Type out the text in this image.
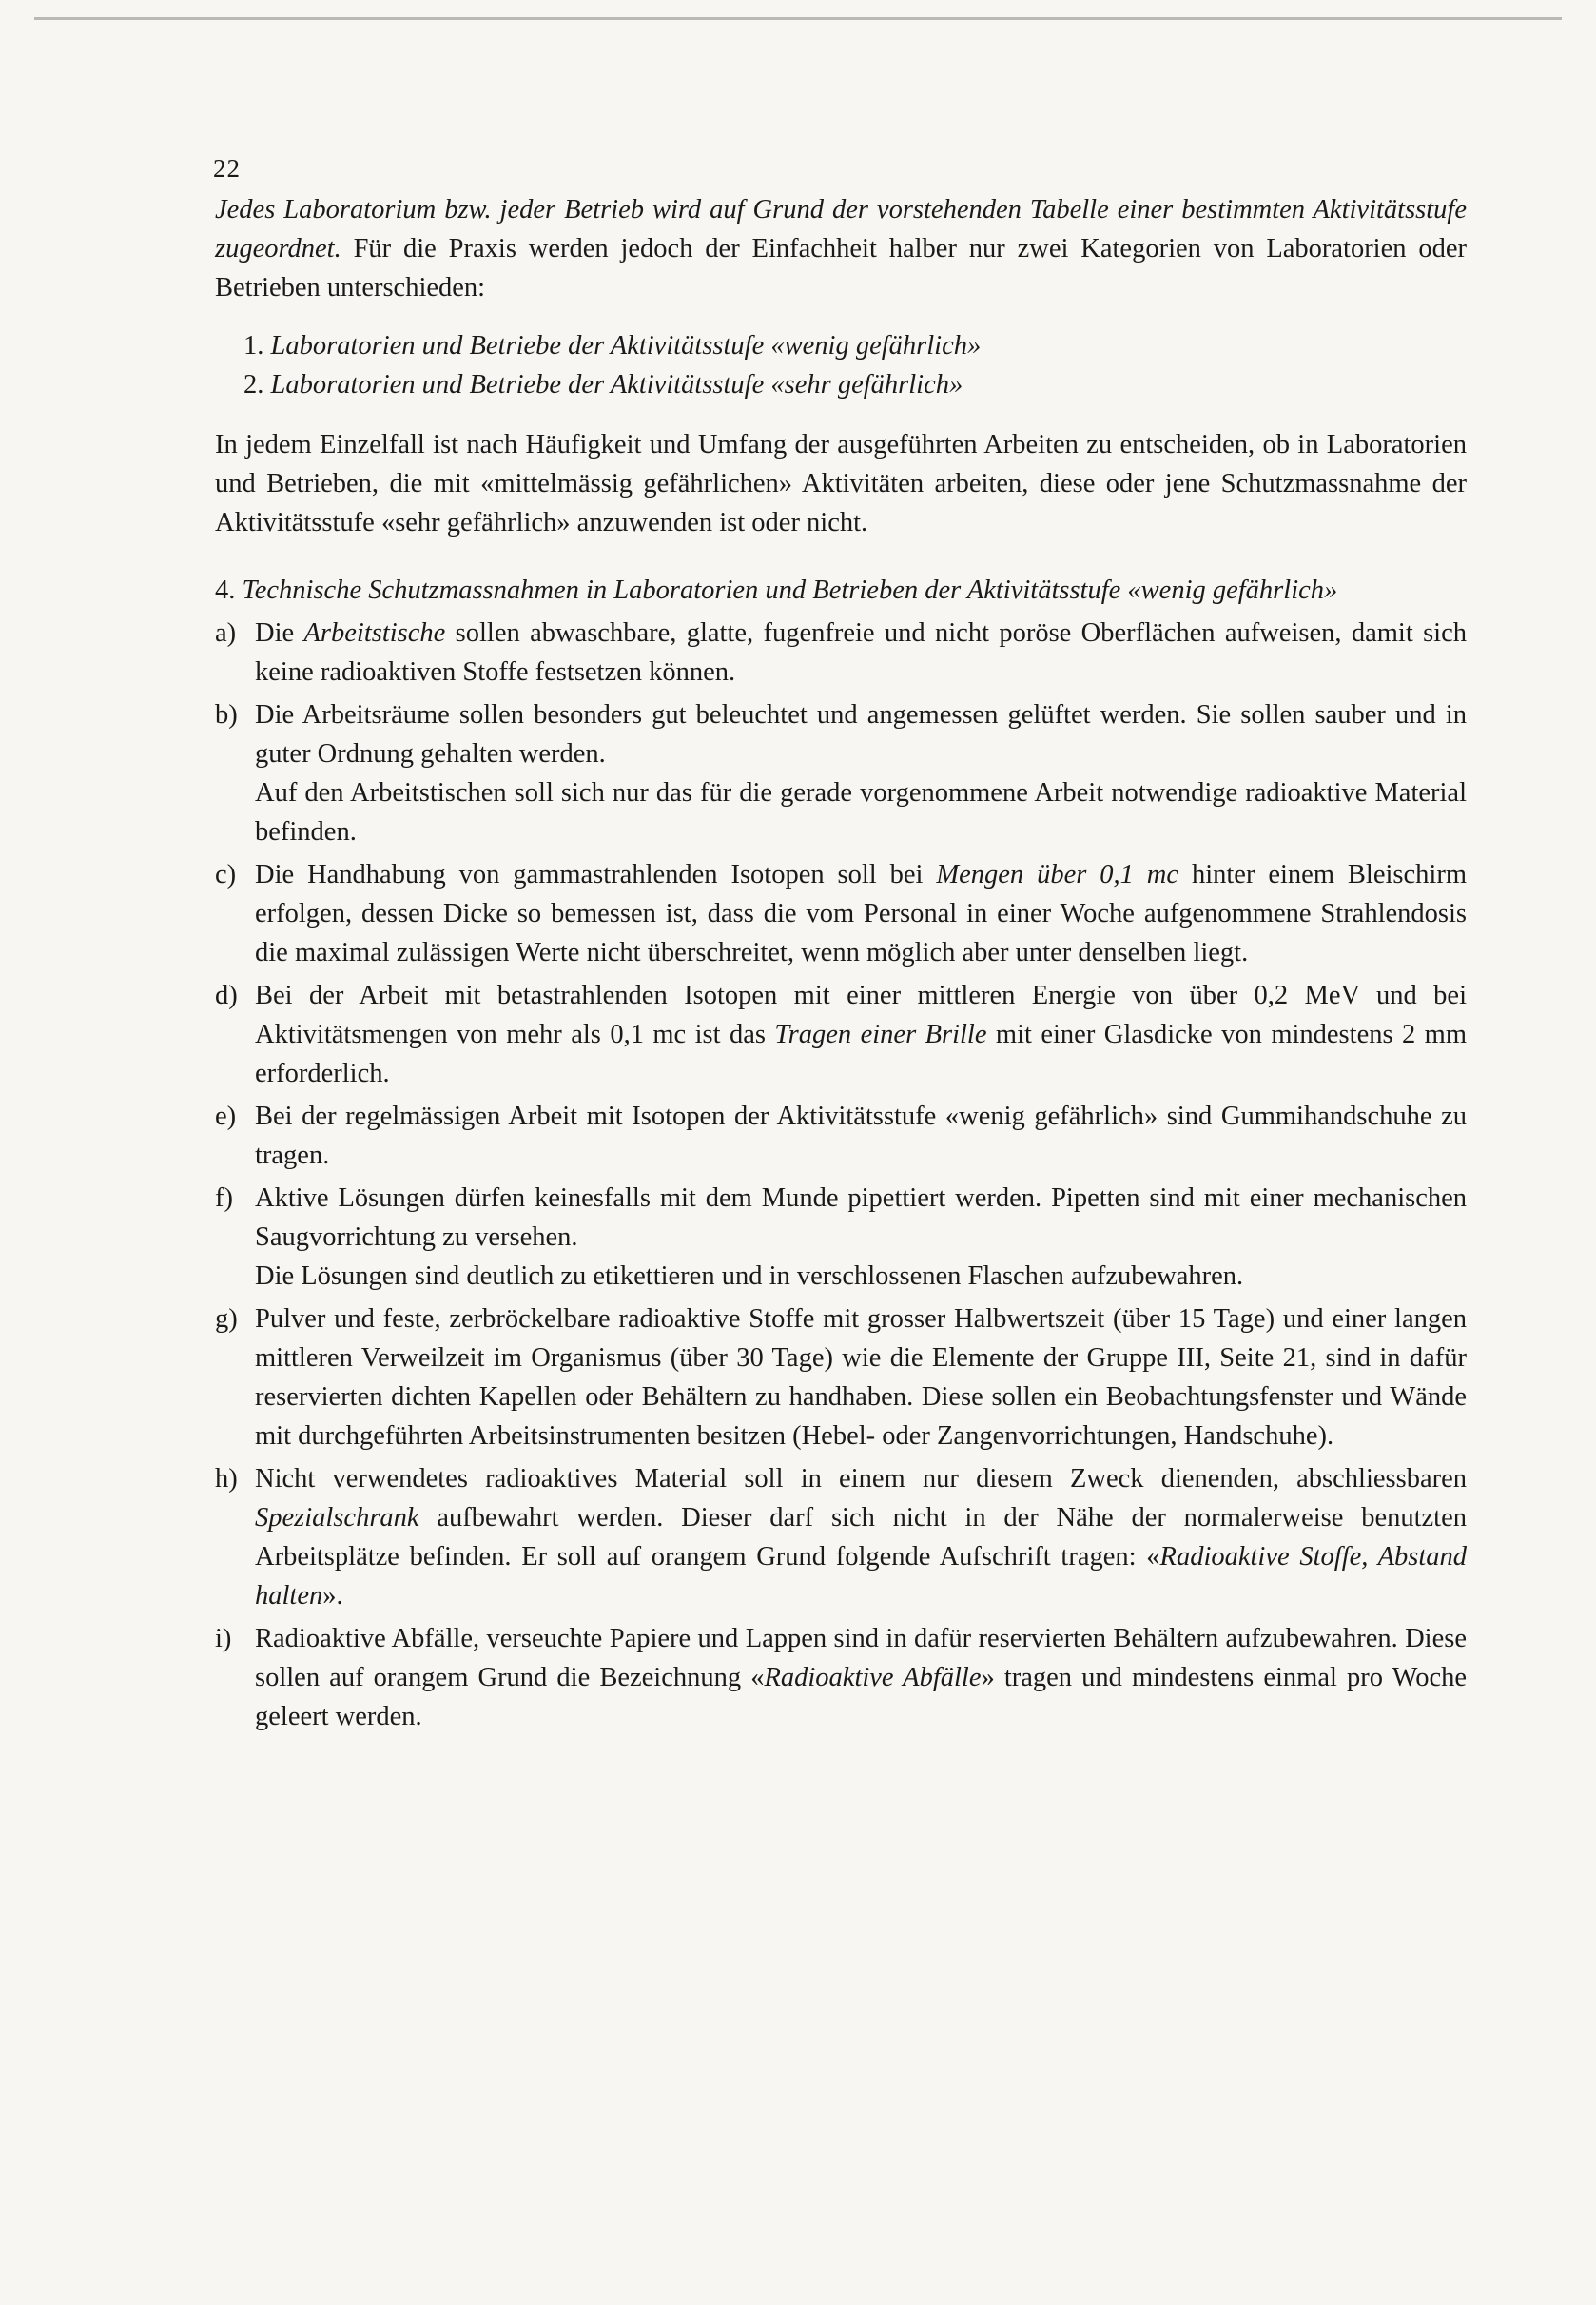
22

Jedes Laboratorium bzw. jeder Betrieb wird auf Grund der vorstehenden Tabelle einer bestimmten Aktivitätsstufe zugeordnet. Für die Praxis werden jedoch der Einfachheit halber nur zwei Kategorien von Laboratorien oder Betrieben unterschieden:

1. Laboratorien und Betriebe der Aktivitätsstufe «wenig gefährlich»
2. Laboratorien und Betriebe der Aktivitätsstufe «sehr gefährlich»

In jedem Einzelfall ist nach Häufigkeit und Umfang der ausgeführten Arbeiten zu entscheiden, ob in Laboratorien und Betrieben, die mit «mittelmässig gefährlichen» Aktivitäten arbeiten, diese oder jene Schutzmassnahme der Aktivitätsstufe «sehr gefährlich» anzuwenden ist oder nicht.

4. Technische Schutzmassnahmen in Laboratorien und Betrieben der Aktivitätsstufe «wenig gefährlich»

a) Die Arbeitstische sollen abwaschbare, glatte, fugenfreie und nicht poröse Oberflächen aufweisen, damit sich keine radioaktiven Stoffe festsetzen können.

b) Die Arbeitsräume sollen besonders gut beleuchtet und angemessen gelüftet werden. Sie sollen sauber und in guter Ordnung gehalten werden.

Auf den Arbeitstischen soll sich nur das für die gerade vorgenommene Arbeit notwendige radioaktive Material befinden.

c) Die Handhabung von gammastrahlenden Isotopen soll bei Mengen über 0,1 mc hinter einem Bleischirm erfolgen, dessen Dicke so bemessen ist, dass die vom Personal in einer Woche aufgenommene Strahlendosis die maximal zulässigen Werte nicht überschreitet, wenn möglich aber unter denselben liegt.

d) Bei der Arbeit mit betastrahlenden Isotopen mit einer mittleren Energie von über 0,2 MeV und bei Aktivitätsmengen von mehr als 0,1 mc ist das Tragen einer Brille mit einer Glasdicke von mindestens 2 mm erforderlich.

e) Bei der regelmässigen Arbeit mit Isotopen der Aktivitätsstufe «wenig gefährlich» sind Gummihandschuhe zu tragen.

f) Aktive Lösungen dürfen keinesfalls mit dem Munde pipettiert werden. Pipetten sind mit einer mechanischen Saugvorrichtung zu versehen.

Die Lösungen sind deutlich zu etikettieren und in verschlossenen Flaschen aufzubewahren.

g) Pulver und feste, zerbröckelbare radioaktive Stoffe mit grosser Halbwertszeit (über 15 Tage) und einer langen mittleren Verweilzeit im Organismus (über 30 Tage) wie die Elemente der Gruppe III, Seite 21, sind in dafür reservierten dichten Kapellen oder Behältern zu handhaben. Diese sollen ein Beobachtungsfenster und Wände mit durchgeführten Arbeitsinstrumenten besitzen (Hebel- oder Zangenvorrichtungen, Handschuhe).

h) Nicht verwendetes radioaktives Material soll in einem nur diesem Zweck dienenden, abschliessbaren Spezialschrank aufbewahrt werden. Dieser darf sich nicht in der Nähe der normalerweise benutzten Arbeitsplätze befinden. Er soll auf orangem Grund folgende Aufschrift tragen: «Radioaktive Stoffe, Abstand halten».

i) Radioaktive Abfälle, verseuchte Papiere und Lappen sind in dafür reservierten Behältern aufzubewahren. Diese sollen auf orangem Grund die Bezeichnung «Radioaktive Abfälle» tragen und mindestens einmal pro Woche geleert werden.
